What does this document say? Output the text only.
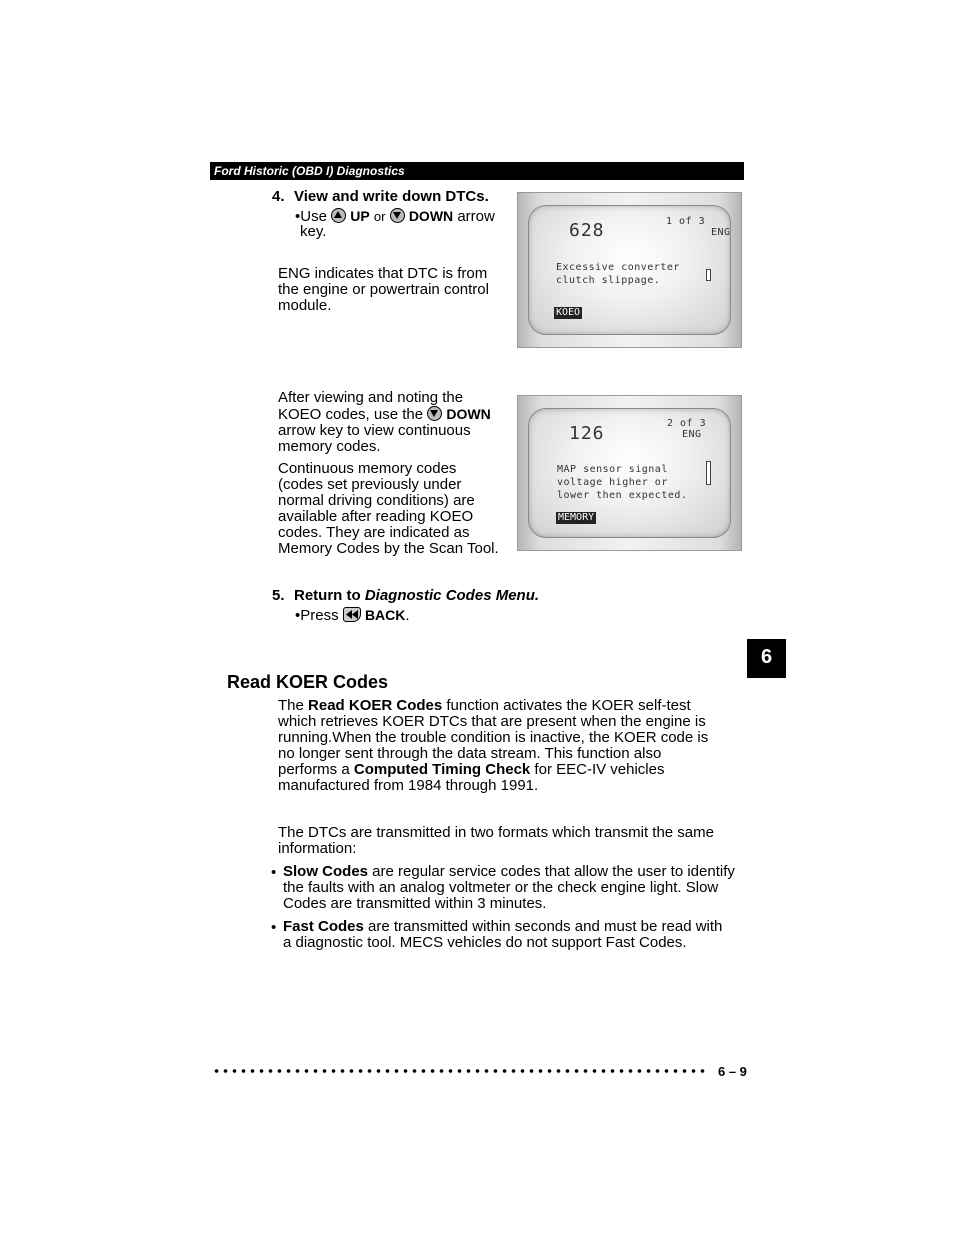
Ford Historic (OBD I) Diagnostics
4. View and write down DTCs.
•Use UP or DOWN arrow
key.
ENG indicates that DTC is from
the engine or powertrain control
module.
628	1 of 3
ENG
Excessive converter
clutch slippage.
KOEO
After viewing and noting the
KOEO codes, use the DOWN
arrow key to view continuous
memory codes.
Continuous memory codes
(codes set previously under
normal driving conditions) are
available after reading KOEO
codes. They are indicated as
Memory Codes by the Scan Tool.
126	2 of 3
ENG
MAP sensor signal
voltage higher or
lower then expected.
MEMORY
5. Return to Diagnostic Codes Menu.
•Press BACK.
6
Read KOER Codes
The Read KOER Codes function activates the KOER self-test
which retrieves KOER DTCs that are present when the engine is
running.When the trouble condition is inactive, the KOER code is
no longer sent through the data stream. This function also
performs a Computed Timing Check for EEC-IV vehicles
manufactured from 1984 through 1991.
The DTCs are transmitted in two formats which transmit the same
information:
• Slow Codes are regular service codes that allow the user to identify
the faults with an analog voltmeter or the check engine light. Slow
Codes are transmitted within 3 minutes.
• Fast Codes are transmitted within seconds and must be read with
a diagnostic tool. MECS vehicles do not support Fast Codes.
6 – 9
